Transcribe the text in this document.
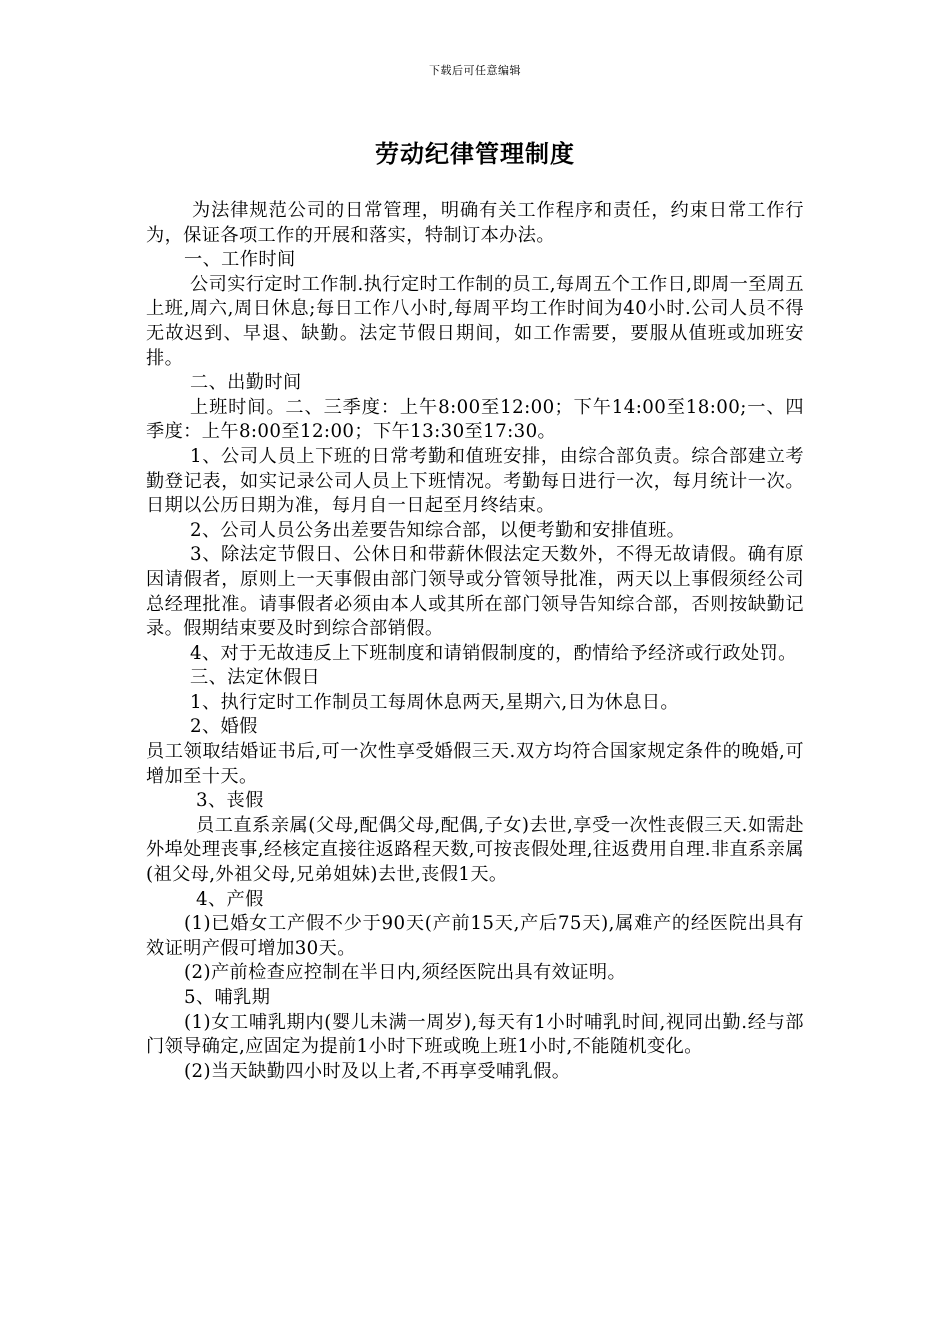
下载后可任意编辑
劳动纪律管理制度

为法律规范公司的日常管理，明确有关工作程序和责任，约束日常工作行为，保证各项工作的开展和落实，特制订本办法。

一、工作时间

公司实行定时工作制.执行定时工作制的员工,每周五个工作日,即周一至周五上班,周六,周日休息;每日工作八小时,每周平均工作时间为40小时.公司人员不得无故迟到、早退、缺勤。法定节假日期间，如工作需要，要服从值班或加班安排。

二、出勤时间

上班时间。二、三季度：上午8:00至12:00；下午14:00至18:00;一、四季度：上午8:00至12:00；下午13:30至17:30。

1、公司人员上下班的日常考勤和值班安排，由综合部负责。综合部建立考勤登记表，如实记录公司人员上下班情况。考勤每日进行一次，每月统计一次。日期以公历日期为准，每月自一日起至月终结束。

2、公司人员公务出差要告知综合部，以便考勤和安排值班。

3、除法定节假日、公休日和带薪休假法定天数外，不得无故请假。确有原因请假者，原则上一天事假由部门领导或分管领导批准，两天以上事假须经公司总经理批准。请事假者必须由本人或其所在部门领导告知综合部，否则按缺勤记录。假期结束要及时到综合部销假。

4、对于无故违反上下班制度和请销假制度的，酌情给予经济或行政处罚。

三、法定休假日

1、执行定时工作制员工每周休息两天,星期六,日为休息日。

2、婚假

员工领取结婚证书后,可一次性享受婚假三天.双方均符合国家规定条件的晚婚,可增加至十天。

3、丧假

员工直系亲属(父母,配偶父母,配偶,子女)去世,享受一次性丧假三天.如需赴外埠处理丧事,经核定直接往返路程天数,可按丧假处理,往返费用自理.非直系亲属(祖父母,外祖父母,兄弟姐妹)去世,丧假1天。

4、产假

(1)已婚女工产假不少于90天(产前15天,产后75天),属难产的经医院出具有效证明产假可增加30天。

(2)产前检查应控制在半日内,须经医院出具有效证明。

5、哺乳期

(1)女工哺乳期内(婴儿未满一周岁),每天有1小时哺乳时间,视同出勤.经与部门领导确定,应固定为提前1小时下班或晚上班1小时,不能随机变化。

(2)当天缺勤四小时及以上者,不再享受哺乳假。
